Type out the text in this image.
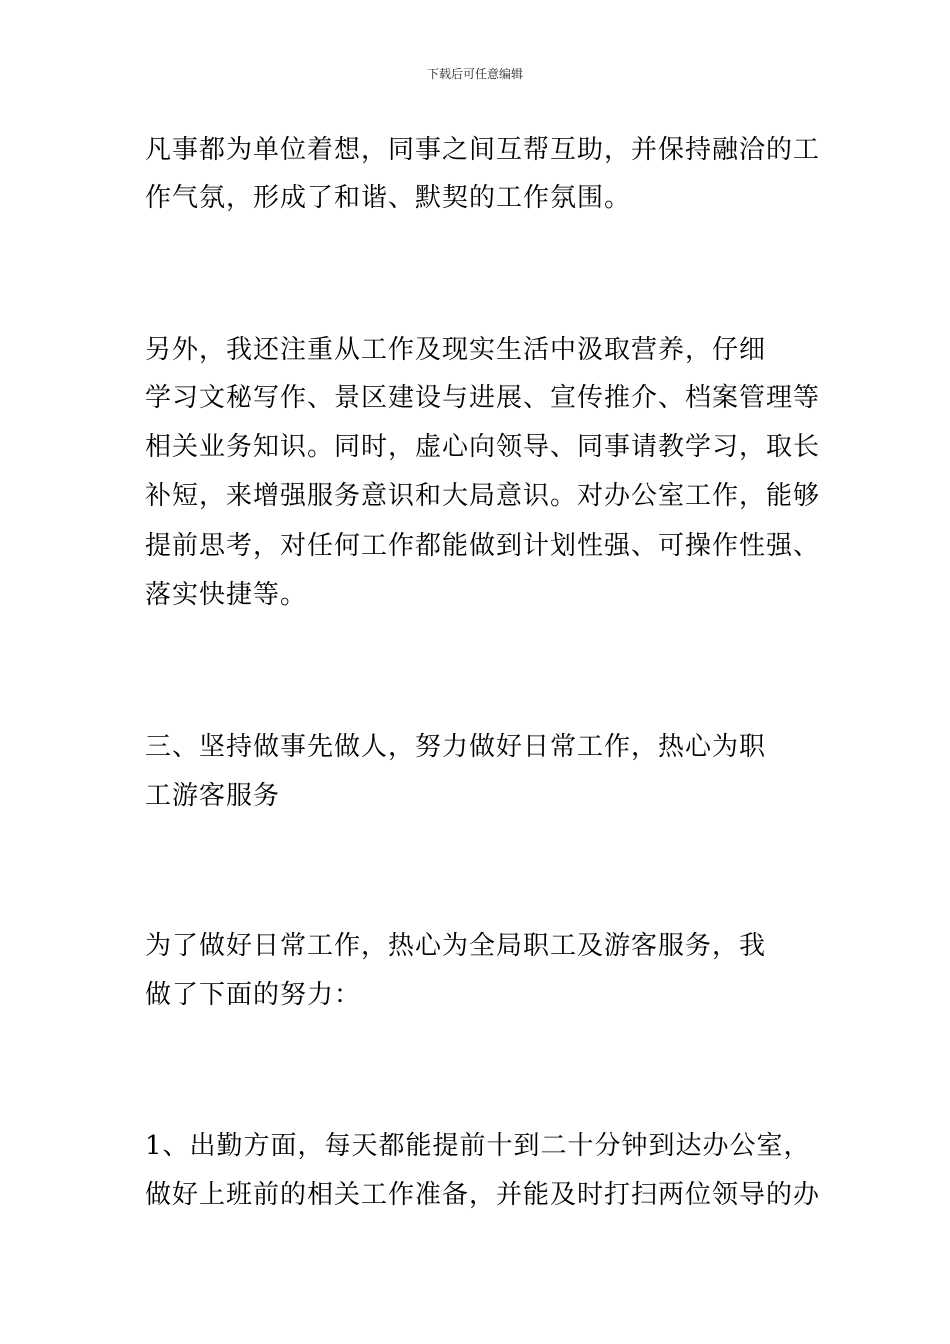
下载后可任意编辑
凡事都为单位着想，同事之间互帮互助，并保持融洽的工
作气氛，形成了和谐、默契的工作氛围。
另外，我还注重从工作及现实生活中汲取营养，仔细
学习文秘写作、景区建设与进展、宣传推介、档案管理等
相关业务知识。同时，虚心向领导、同事请教学习，取长
补短，来增强服务意识和大局意识。对办公室工作，能够
提前思考，对任何工作都能做到计划性强、可操作性强、
落实快捷等。
三、坚持做事先做人，努力做好日常工作，热心为职
工游客服务
为了做好日常工作，热心为全局职工及游客服务，我
做了下面的努力：
1、出勤方面，每天都能提前十到二十分钟到达办公室，
做好上班前的相关工作准备，并能及时打扫两位领导的办
